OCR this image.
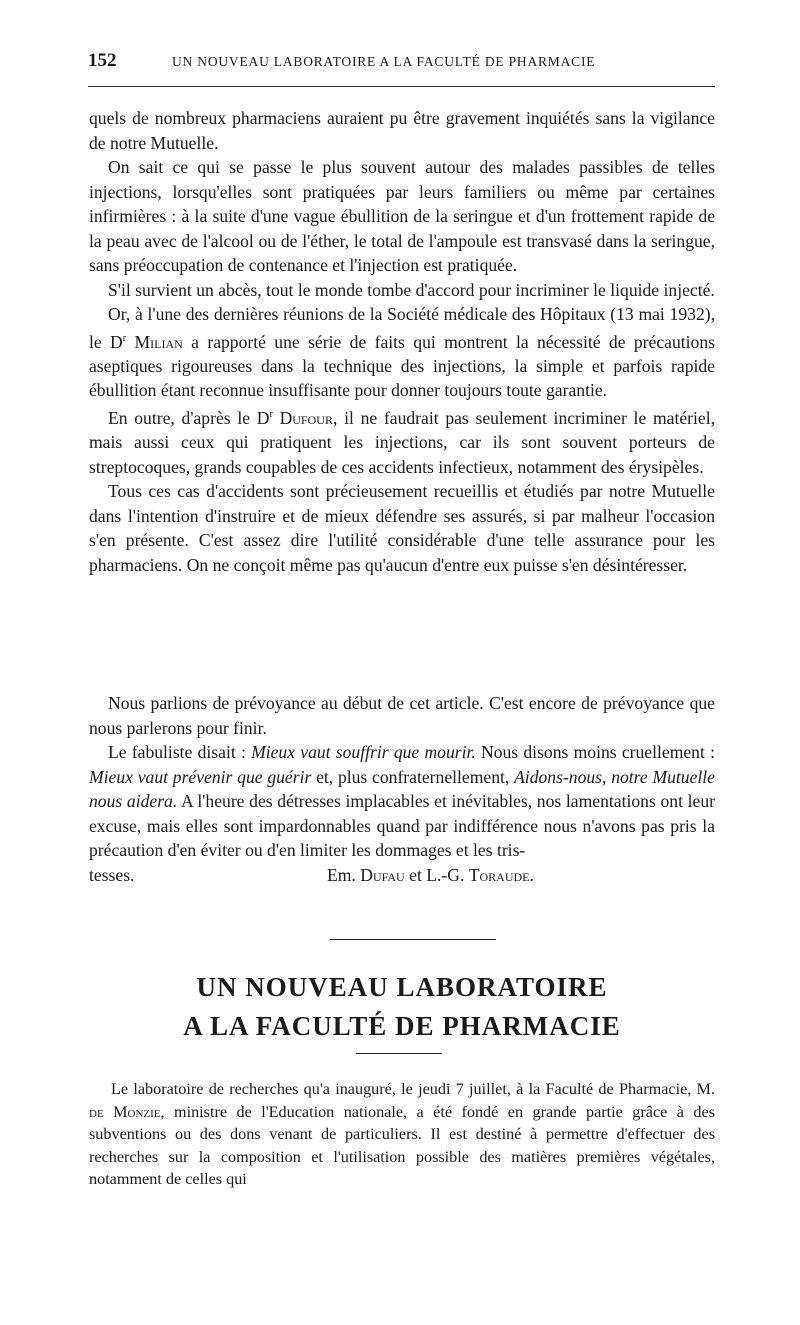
152	UN NOUVEAU LABORATOIRE A LA FACULTÉ DE PHARMACIE

quels de nombreux pharmaciens auraient pu être gravement inquiétés sans la vigilance de notre Mutuelle.

On sait ce qui se passe le plus souvent autour des malades passibles de telles injections, lorsqu'elles sont pratiquées par leurs familiers ou même par certaines infirmières : à la suite d'une vague ébullition de la seringue et d'un frottement rapide de la peau avec de l'alcool ou de l'éther, le total de l'ampoule est transvasé dans la seringue, sans préoccupation de contenance et l'injection est pratiquée.

S'il survient un abcès, tout le monde tombe d'accord pour incriminer le liquide injecté.

Or, à l'une des dernières réunions de la Société médicale des Hôpitaux (13 mai 1932), le $D^r$ Milian a rapporté une série de faits qui montrent la nécessité de précautions aseptiques rigoureuses dans la technique des injections, la simple et parfois rapide ébullition étant reconnue insuffisante pour donner toujours toute garantie.

En outre, d'après le $D^r$ Dufour, il ne faudrait pas seulement incriminer le matériel, mais aussi ceux qui pratiquent les injections, car ils sont souvent porteurs de streptocoques, grands coupables de ces accidents infectieux, notamment des érysipèles.

Tous ces cas d'accidents sont précieusement recueillis et étudiés par notre Mutuelle dans l'intention d'instruire et de mieux défendre ses assurés, si par malheur l'occasion s'en présente. C'est assez dire l'utilité considérable d'une telle assurance pour les pharmaciens. On ne conçoit même pas qu'aucun d'entre eux puisse s'en désintéresser.

Nous parlions de prévoyance au début de cet article. C'est encore de prévoyance que nous parlerons pour finir.

Le fabuliste disait : Mieux vaut souffrir que mourir. Nous disons moins cruellement : Mieux vaut prévenir que guérir et, plus confraternellement, Aidons-nous, notre Mutuelle nous aidera. A l'heure des détresses implacables et inévitables, nos lamentations ont leur excuse, mais elles sont impardonnables quand par indifférence nous n'avons pas pris la précaution d'en éviter ou d'en limiter les dommages et les tris-

tesses.	Em. Dufau et L.-G. Toraude.
UN NOUVEAU LABORATOIRE
A LA FACULTÉ DE PHARMACIE

Le laboratoire de recherches qu'a inauguré, le jeudi 7 juillet, à la Faculté de Pharmacie, M. de Monzie, ministre de l'Education nationale, a été fondé en grande partie grâce à des subventions ou des dons venant de particuliers. Il est destiné à permettre d'effectuer des recherches sur la composition et l'utilisation possible des matières premières végétales, notamment de celles qui
